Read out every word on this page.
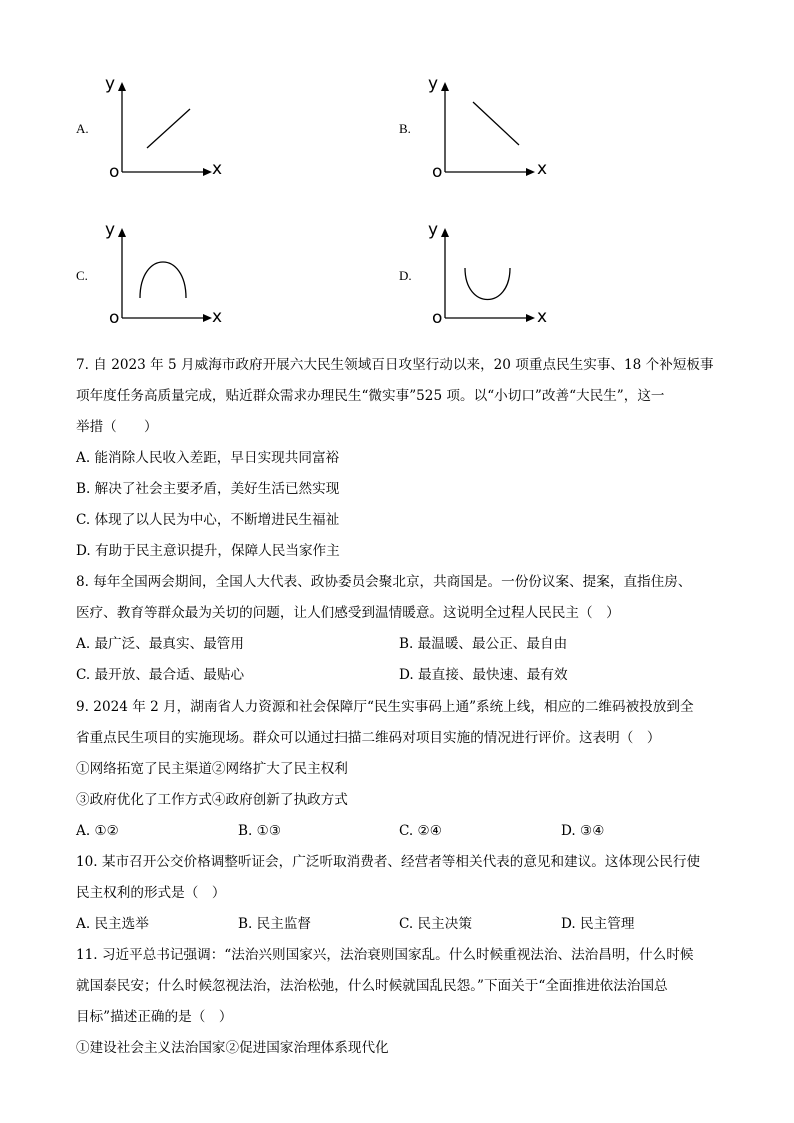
A.
y
o	x
B.
y
o	x
C.
y
o	x
D.
y
o	x
7. 自 2023 年 5 月威海市政府开展六大民生领域百日攻坚行动以来，20 项重点民生实事、18 个补短板事
项年度任务高质量完成，贴近群众需求办理民生“微实事”525 项。以“小切口”改善“大民生”，这一
举措（　　）
A. 能消除人民收入差距，早日实现共同富裕
B. 解决了社会主要矛盾，美好生活已然实现
C. 体现了以人民为中心，不断增进民生福祉
D. 有助于民主意识提升，保障人民当家作主
8. 每年全国两会期间，全国人大代表、政协委员会聚北京，共商国是。一份份议案、提案，直指住房、
医疗、教育等群众最为关切的问题，让人们感受到温情暖意。这说明全过程人民民主（　）
A. 最广泛、最真实、最管用	B. 最温暖、最公正、最自由
C. 最开放、最合适、最贴心	D. 最直接、最快速、最有效
9. 2024 年 2 月，湖南省人力资源和社会保障厅“民生实事码上通”系统上线，相应的二维码被投放到全
省重点民生项目的实施现场。群众可以通过扫描二维码对项目实施的情况进行评价。这表明（　）
①网络拓宽了民主渠道②网络扩大了民主权利
③政府优化了工作方式④政府创新了执政方式
A. ①②	B. ①③	C. ②④	D. ③④
10. 某市召开公交价格调整听证会，广泛听取消费者、经营者等相关代表的意见和建议。这体现公民行使
民主权利的形式是（　）
A. 民主选举	B. 民主监督	C. 民主决策	D. 民主管理
11. 习近平总书记强调：“法治兴则国家兴，法治衰则国家乱。什么时候重视法治、法治昌明，什么时候
就国泰民安；什么时候忽视法治，法治松弛，什么时候就国乱民怨。”下面关于“全面推进依法治国总
目标”描述正确的是（　）
①建设社会主义法治国家②促进国家治理体系现代化
